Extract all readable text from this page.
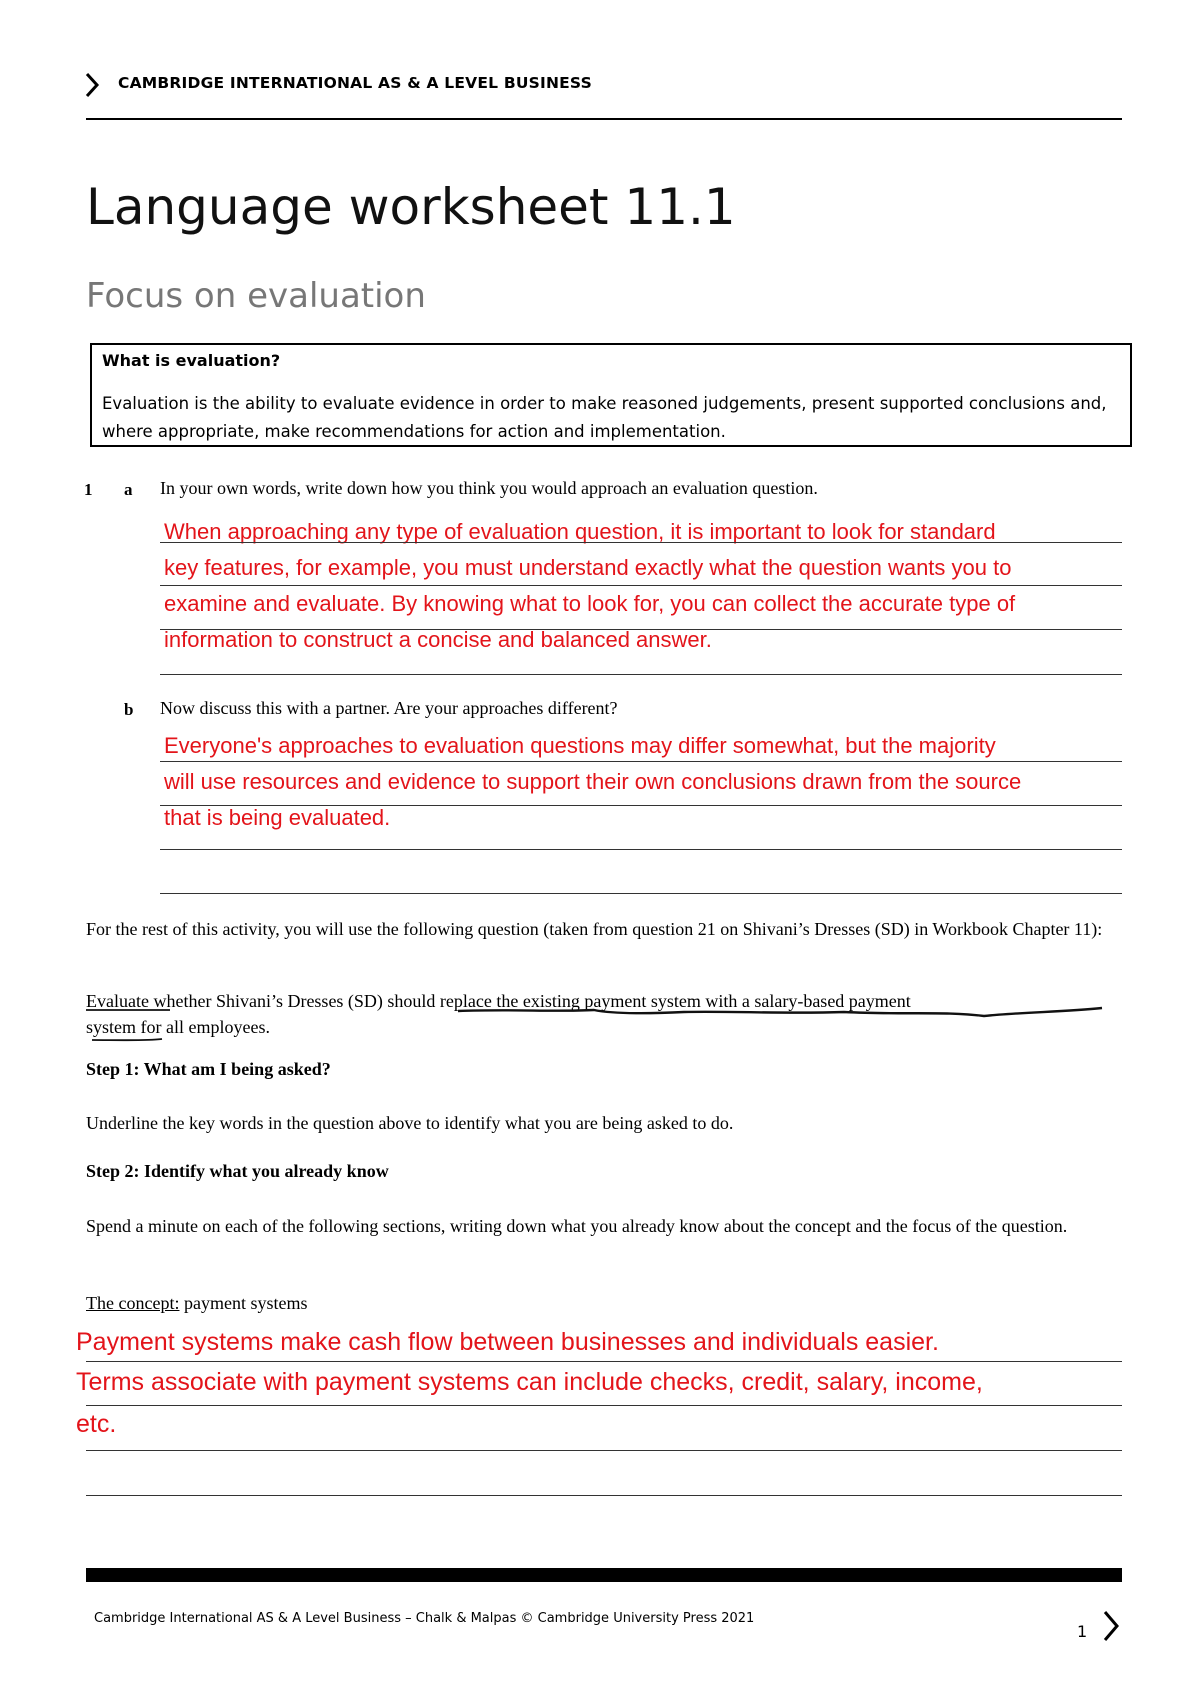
CAMBRIDGE INTERNATIONAL AS & A LEVEL BUSINESS
Language worksheet 11.1
Focus on evaluation
What is evaluation?
Evaluation is the ability to evaluate evidence in order to make reasoned judgements, present supported conclusions and, where appropriate, make recommendations for action and implementation.
1 a In your own words, write down how you think you would approach an evaluation question.
When approaching any type of evaluation question, it is important to look for standard
key features, for example, you must understand exactly what the question wants you to
examine and evaluate. By knowing what to look for, you can collect the accurate type of
information to construct a concise and balanced answer.
b Now discuss this with a partner. Are your approaches different?
Everyone's approaches to evaluation questions may differ somewhat, but the majority
will use resources and evidence to support their own conclusions drawn from the source
that is being evaluated.
For the rest of this activity, you will use the following question (taken from question 21 on Shivani’s Dresses (SD) in Workbook Chapter 11):
Evaluate whether Shivani’s Dresses (SD) should replace the existing payment system with a salary-based payment
system for all employees.
Step 1: What am I being asked?
Underline the key words in the question above to identify what you are being asked to do.
Step 2: Identify what you already know
Spend a minute on each of the following sections, writing down what you already know about the concept and the focus of the question.
The concept: payment systems
Payment systems make cash flow between businesses and individuals easier.
Terms associate with payment systems can include checks, credit, salary, income,
etc.
Cambridge International AS & A Level Business – Chalk & Malpas © Cambridge University Press 2021
1
